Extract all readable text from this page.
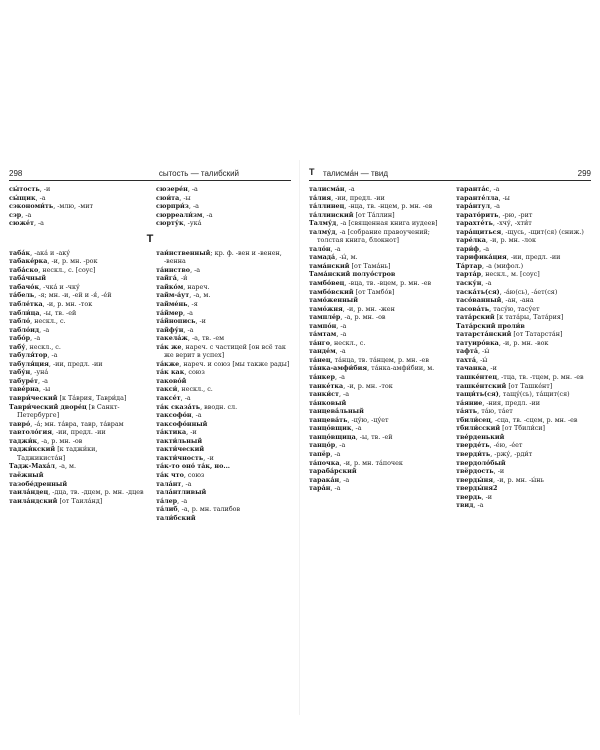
298	сытость — талибский

сы́тость, -и

сы́щик, -а

сэкономи́ть, -млю, -мит

сэр, -а

сюже́т, -а

сюзере́н, -а

сюи́та, -ы

сюрпри́з, -а

сюрреали́зм, -а

сюрту́к, -ука́

Т

таба́к, -ака́ и -аку́

табаке́рка, -и, р. мн. -рок

таба́ско, нескл., с. [соус]

таба́чный

табачо́к, -чка́ и -чку́

та́бель, -я; мн. -и, -ей и -я́, -е́й

табле́тка, -и, р. мн. -ток

табли́ца, -ы, тв. -ей

табло́, нескл., с.

табло́ид, -а

табо́р, -а

табу́, нескл., с.

табуля́тор, -а

табуля́ция, -ии, предл. -ии

табу́н, -уна́

табуре́т, -а

таве́рна, -ы

таври́ческий [к Та́врия, Таври́да]

Таври́ческий дворе́ц [в Санкт-Петербурге]

тавро́, -а́; мн. та́вра, тавр, та́врам

тавтоло́гия, -ии, предл. -ии

таджи́к, -а, р. мн. -ов

таджи́кский [к таджи́ки, Таджикиста́н]

Тадж-Маха́л, -а, м.

таёжный

тазобе́дренный

таила́ндец, -дца, тв. -дцем, р. мн. -дцев

таила́ндский [от Таила́нд]

таи́нственный; кр. ф. -вен и -венен, -венна

та́инство, -а

тайга́, -и́

тайко́м, нареч.

тайм-а́ут, -а, м.

таймéнь, -я

та́ймер, -а

та́йнопись, -и

тайфу́н, -а

такела́ж, -а, тв. -ем

та́к же, нареч. с частицей [он всё так же верит в успех]

та́кже, нареч. и союз [мы также рады]

та́к как, союз

таково́й

такси́, нескл., с.

таксе́т, -а

та́к сказа́ть, вводн. сл.

таксофо́н, -а

таксофо́нный

та́ктика, -и

такти́льный

такти́ческий

такти́чность, -и

та́к-то оно́ та́к, но...

та́к что, союз

тала́нт, -а

тала́нтливый

та́лер, -а

та́либ, -а, р. мн. талибов

тали́бский

Т талисма́н — твид	299

талисма́н, -а

та́лия, -ии, предл. -ии

та́ллинец, -нца, тв. -нцем, р. мн. -ев

та́ллинский [от Та́ллин]

Талму́д, -а [священная книга иудеев]

талму́д, -а [собрание правоучений; толстая книга, блокнот]

тало́н, -а

тамада́, -ы́, м.

тама́нский [от Тама́нь]

Тама́нский полуо́стров

тамбо́вец, -вца, тв. -вцем, р. мн. -ев

тамбо́вский [от Тамбо́в]

тамо́женный

тамо́жня, -и, р. мн. -жен

тампле́р, -а, р. мн. -ов

тампо́н, -а

та́мтам, -а

та́нго, нескл., с.

танде́м, -а

та́нец, та́нца, тв. та́нцем, р. мн. -ев

та́нка-амфи́бия, та́нка-амфи́бии, м.

та́нкер, -а

танке́тка, -и, р. мн. -ток

танки́ст, -а

та́нковый

танцева́льный

танцева́ть, -цу́ю, -цу́ет

танцо́вщик, -а

танцо́вщица, -ы, тв. -ей

танцо́р, -а

тапёр, -а

та́почка, -и, р. мн. та́почек

тараба́рский

тарака́н, -а

тара́н, -а

таранта́с, -а

таранте́лла, -ы

тара́нтул, -а

тарато́рить, -рю, -рит

тарахте́ть, -хчу́, -хти́т

тара́щиться, -щусь, -щит(ся) (сниж.)

таре́лка, -и, р. мн. -лок

тари́ф, -а

тарифика́ция, -ии, предл. -ии

Та́ртар, -а (мифол.)

тарта́р, нескл., м. [соус]

таску́н, -а

таска́ть(ся), -а́ю(сь), -а́ет(ся)

тасо́ванный, -ан, -ана

тасова́ть, тасу́ю, тасу́ет

тата́рский [к тата́ры, Тата́рия]

Тата́рский проли́в

татарста́нский [от Татарста́н]

татуиро́вка, -и, р. мн. -вок

тафта́, -ы́

тахта́, -ы́

тачанка, -и

ташке́нтец, -тца, тв. -тцем, р. мн. -ев

ташке́нтский [от Ташке́нт]

тащи́ть(ся), тащу́(сь), та́щит(ся)

та́яние, -ния, предл. -ии

та́ять, та́ю, та́ет

тбили́сец, -сца, тв. -сцем, р. мн. -ев

тбили́сский [от Тбили́си]

тве́рденький

тверде́ть, -е́ю, -е́ет

тверди́ть, -ржу́, -рди́т

твердоло́бый

твёрдость, -и

тверды́ня, -и, р. мн. -ы́нь

тверды́ня2

твердь, -и

твид, -а
